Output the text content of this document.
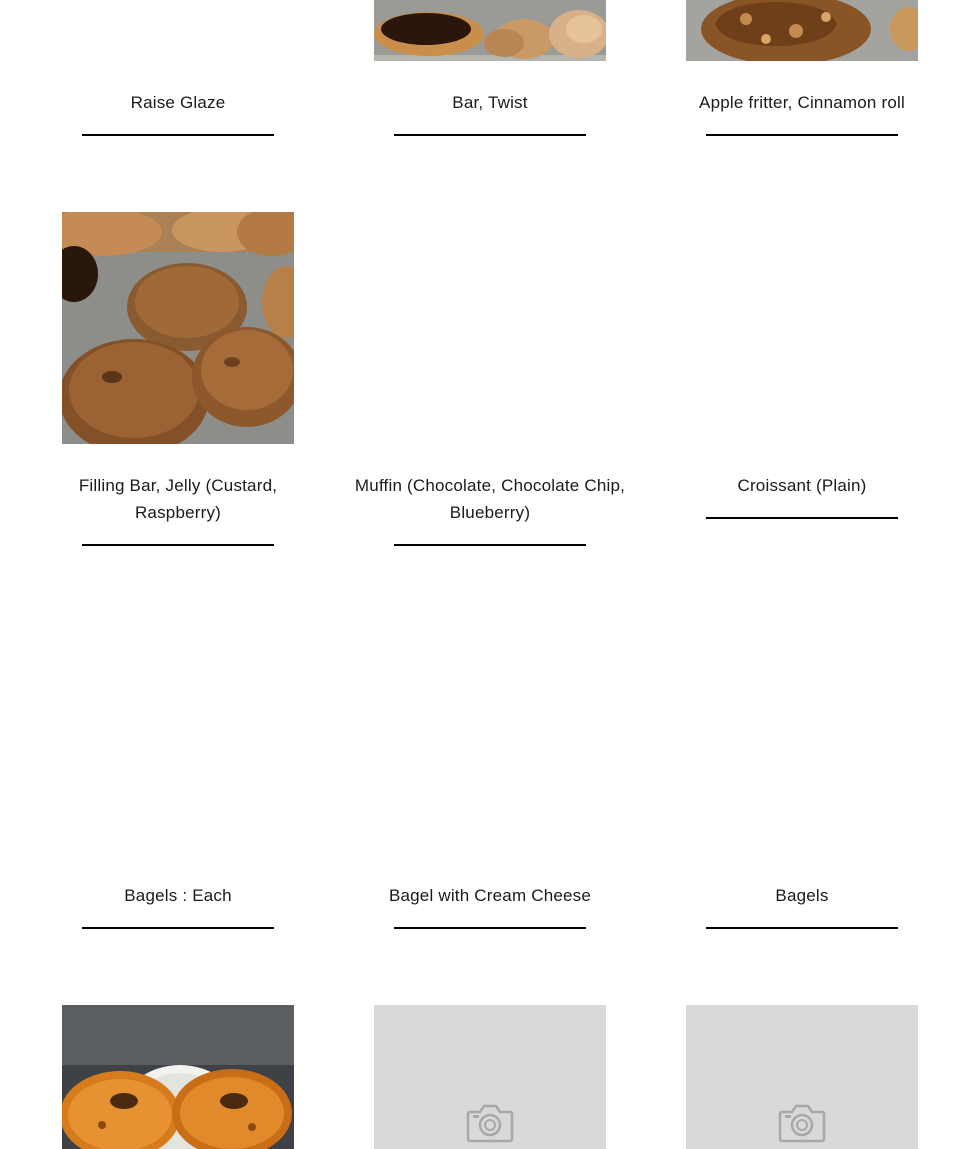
Raise Glaze	Bar, Twist	Apple fritter, Cinnamon roll
Filling Bar, Jelly (Custard, Raspberry)
Muffin (Chocolate, Chocolate Chip, Blueberry)
Croissant (Plain)
Bagels : Each	Bagel with Cream Cheese	Bagels
